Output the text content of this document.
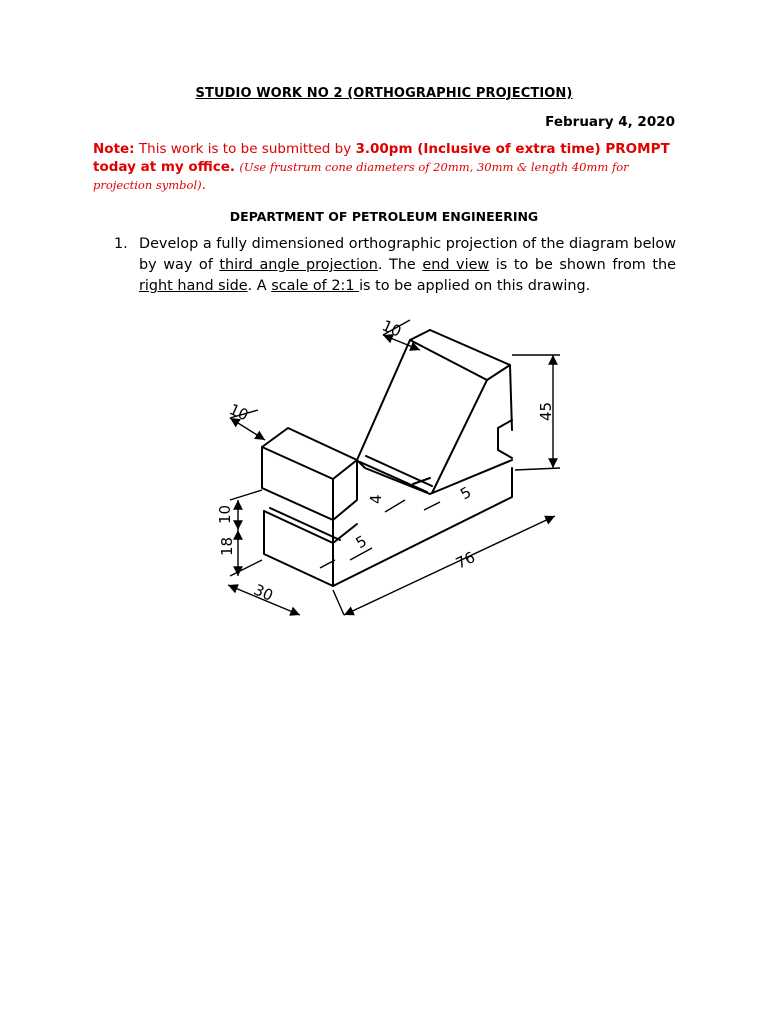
STUDIO WORK NO 2 (ORTHOGRAPHIC PROJECTION)
February 4, 2020
Note: This work is to be submitted by 3.00pm (Inclusive of extra time) PROMPT today at my office. (Use frustrum cone diameters of 20mm, 30mm & length 40mm for projection symbol).
DEPARTMENT OF PETROLEUM ENGINEERING
1. Develop a fully dimensioned orthographic projection of the diagram below by way of third angle projection. The end view is to be shown from the right hand side. A scale of 2:1 is to be applied on this drawing.
10
45
10
4	5
10
18	5
76
30
